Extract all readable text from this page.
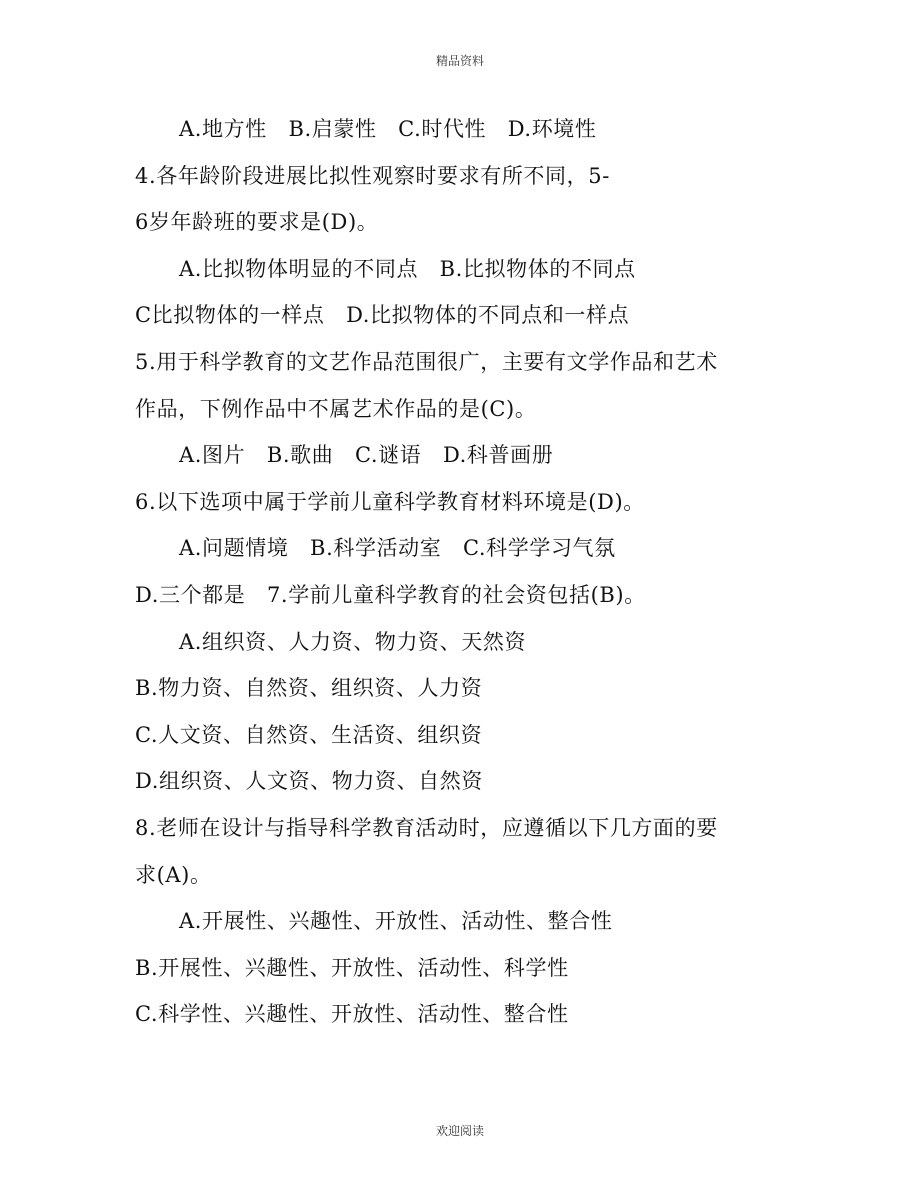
精品资料
A.地方性　B.启蒙性　C.时代性　D.环境性
4.各年龄阶段进展比拟性观察时要求有所不同，5-
6岁年龄班的要求是(D)。
A.比拟物体明显的不同点　B.比拟物体的不同点
C比拟物体的一样点　D.比拟物体的不同点和一样点
5.用于科学教育的文艺作品范围很广，主要有文学作品和艺术
作品，下例作品中不属艺术作品的是(C)。
A.图片　B.歌曲　C.谜语　D.科普画册
6.以下选项中属于学前儿童科学教育材料环境是(D)。
A.问题情境　B.科学活动室　C.科学学习气氛
D.三个都是　7.学前儿童科学教育的社会资包括(B)。
A.组织资、人力资、物力资、天然资
B.物力资、自然资、组织资、人力资
C.人文资、自然资、生活资、组织资
D.组织资、人文资、物力资、自然资
8.老师在设计与指导科学教育活动时，应遵循以下几方面的要
求(A)。
A.开展性、兴趣性、开放性、活动性、整合性
B.开展性、兴趣性、开放性、活动性、科学性
C.科学性、兴趣性、开放性、活动性、整合性
欢迎阅读
